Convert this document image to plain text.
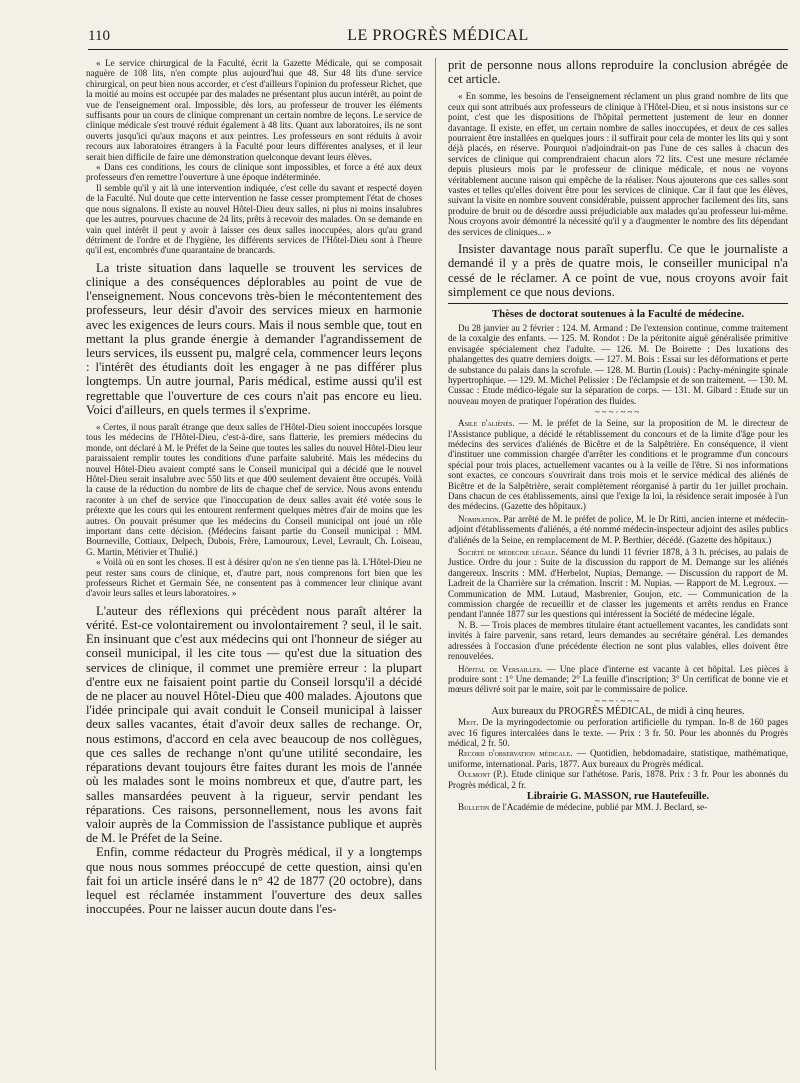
110	LE PROGRÈS MÉDICAL

« Le service chirurgical de la Faculté, écrit la Gazette Médicale, qui se composait naguère de 108 lits, n'en compte plus aujourd'hui que 48. Sur 48 lits d'une service chirurgical, on peut bien nous accorder, et c'est d'ailleurs l'opinion du professeur Richet, que la moitié au moins est occupée par des malades ne présentant plus aucun intérêt, au point de vue de l'enseignement oral. Impossible, dès lors, au professeur de trouver les éléments suffisants pour un cours de clinique comprenant un certain nombre de leçons. Le service de clinique médicale s'est trouvé réduit également à 48 lits. Quant aux laboratoires, ils ne sont ouverts jusqu'ici qu'aux maçons et aux peintres. Les professeurs en sont réduits à avoir recours aux laboratoires étrangers à la Faculté pour leurs différentes analyses, et il leur serait bien difficile de faire une démonstration quelconque devant leurs élèves.

« Dans ces conditions, les cours de clinique sont impossibles, et force a été aux deux professeurs d'en remettre l'ouverture à une époque indéterminée.

Il semble qu'il y ait là une intervention indiquée, c'est celle du savant et respecté doyen de la Faculté. Nul doute que cette intervention ne fasse cesser promptement l'état de choses que nous signalons. Il existe au nouvel Hôtel-Dieu deux salles, ni plus ni moins insalubres que les autres, pourvues chacune de 24 lits, prêts à recevoir des malades. On se demande en vain quel intérêt il peut y avoir à laisser ces deux salles inoccupées, alors qu'au grand détriment de l'ordre et de l'hygiène, les différents services de l'Hôtel-Dieu sont à l'heure qu'il est, encombrés d'une quarantaine de brancards.

La triste situation dans laquelle se trouvent les services de clinique a des conséquences déplorables au point de vue de l'enseignement. Nous concevons très-bien le mécontentement des professeurs, leur désir d'avoir des services mieux en harmonie avec les exigences de leurs cours. Mais il nous semble que, tout en mettant la plus grande énergie à demander l'agrandissement de leurs services, ils eussent pu, malgré cela, commencer leurs leçons : l'intérêt des étudiants doit les engager à ne pas différer plus longtemps. Un autre journal, Paris médical, estime aussi qu'il est regrettable que l'ouverture de ces cours n'ait pas encore eu lieu. Voici d'ailleurs, en quels termes il s'exprime.

« Certes, il nous paraît étrange que deux salles de l'Hôtel-Dieu soient inoccupées lorsque tous les médecins de l'Hôtel-Dieu, c'est-à-dire, sans flatterie, les premiers médecins du monde, ont déclaré à M. le Préfet de la Seine que toutes les salles du nouvel Hôtel-Dieu leur paraissaient remplir toutes les conditions d'une parfaite salubrité. Mais les médecins du nouvel Hôtel-Dieu avaient compté sans le Conseil municipal qui a décidé que le nouvel Hôtel-Dieu serait insalubre avec 550 lits et que 400 seulement devaient être occupés. Voilà la cause de la réduction du nombre de lits de chaque chef de service. Nous avons entendu raconter à un chef de service que l'inoccupation de deux salles avait été votée sous le prétexte que les cours qui les entourent renferment quelques mètres d'air de moins que les autres. On pouvait présumer que les médecins du Conseil municipal ont joué un rôle important dans cette décision. (Médecins faisant partie du Conseil municipal : MM. Bourneville, Cottiaux, Delpech, Dubois, Frère, Lamouroux, Level, Levrault, Ch. Loiseau, G. Martin, Métivier et Thulié.)

« Voilà où en sont les choses. Il est à désirer qu'on ne s'en tienne pas là. L'Hôtel-Dieu ne peut rester sans cours de clinique, et, d'autre part, nous comprenons fort bien que les professeurs Richet et Germain Sée, ne consentent pas à commencer leur clinique avant d'avoir leurs salles et leurs laboratoires. »

L'auteur des réflexions qui précèdent nous paraît altérer la vérité. Est-ce volontairement ou involontairement ? seul, il le sait. En insinuant que c'est aux médecins qui ont l'honneur de siéger au conseil municipal, il les cite tous — qu'est due la situation des services de clinique, il commet une première erreur : la plupart d'entre eux ne faisaient point partie du Conseil lorsqu'il a décidé de ne placer au nouvel Hôtel-Dieu que 400 malades. Ajoutons que l'idée principale qui avait conduit le Conseil municipal à laisser deux salles vacantes, était d'avoir deux salles de rechange. Or, nous estimons, d'accord en cela avec beaucoup de nos collègues, que ces salles de rechange n'ont qu'une utilité secondaire, les réparations devant toujours être faites durant les mois de l'année où les malades sont le moins nombreux et que, d'autre part, les salles mansardées peuvent à la rigueur, servir pendant les réparations. Ces raisons, personnellement, nous les avons fait valoir auprès de la Commission de l'assistance publique et auprès de M. le Préfet de la Seine.

Enfin, comme rédacteur du Progrès médical, il y a longtemps que nous nous sommes préoccupé de cette question, ainsi qu'en fait foi un article inséré dans le n° 42 de 1877 (20 octobre), dans lequel est réclamée instamment l'ouverture des deux salles inoccupées. Pour ne laisser aucun doute dans l'es-

prit de personne nous allons reproduire la conclusion abrégée de cet article.

« En somme, les besoins de l'enseignement réclament un plus grand nombre de lits que ceux qui sont attribués aux professeurs de clinique à l'Hôtel-Dieu, et si nous insistons sur ce point, c'est que les dispositions de l'hôpital permettent justement de leur en donner davantage. Il existe, en effet, un certain nombre de salles inoccupées, et deux de ces salles pourraient être installées en quelques jours : il suffirait pour cela de monter les lits qui y sont déjà placés, en réserve. Pourquoi n'adjoindrait-on pas l'une de ces salles à chacun des services de clinique qui comprendraient chacun alors 72 lits. C'est une mesure réclamée depuis plusieurs mois par le professeur de clinique médicale, et nous ne voyons véritablement aucune raison qui empêche de la réaliser. Nous ajouterons que ces salles sont vastes et telles qu'elles doivent être pour les services de clinique. Car il faut que les élèves, suivant la visite en nombre souvent considérable, puissent approcher facilement des lits, sans produire de bruit ou de désordre aussi préjudiciable aux malades qu'au professeur lui-même. Nous croyons avoir démontré la nécessité qu'il y a d'augmenter le nombre des lits dépendant des services de cliniques... »

Insister davantage nous paraît superflu. Ce que le journaliste a demandé il y a près de quatre mois, le conseiller municipal n'a cessé de le réclamer. A ce point de vue, nous croyons avoir fait simplement ce que nous devions.

Thèses de doctorat soutenues à la Faculté de médecine.

Du 28 janvier au 2 février : 124. M. Armand : De l'extension continue, comme traitement de la coxalgie des enfants. — 125. M. Rondot : De la péritonite aiguë généralisée primitive envisagée spécialement chez l'adulte. — 126. M. De Boirette : Des luxations des phalangettes des quatre derniers doigts. — 127. M. Bois : Essai sur les déformations et perte de substance du palais dans la scrofule. — 128. M. Burtin (Louis) : Pachy-méningite spinale hypertrophique. — 129. M. Michel Pelissier : De l'éclampsie et de son traitement. — 130. M. Cussac : Etude médico-légale sur la séparation de corps. — 131. M. Gibard : Etude sur un nouveau moyen de pratiquer l'opération des fluides.

~~~·~~~

Asile d'aliénés. — M. le préfet de la Seine, sur la proposition de M. le directeur de l'Assistance publique, a décidé le rétablissement du concours et de la limite d'âge pour les médecins des services d'aliénés de Bicêtre et de la Salpêtrière. En conséquence, il vient d'instituer une commission chargée d'arrêter les conditions et le programme d'un concours spécial pour trois places, actuellement vacantes ou à la veille de l'être. Si nos informations sont exactes, ce concours s'ouvrirait dans trois mois et le service médical des aliénés de Bicêtre et de la Salpêtrière, serait complètement réorganisé à partir du 1er juillet prochain. Dans chacun de ces établissements, ainsi que l'exige la loi, la résidence serait imposée à l'un des médecins. (Gazette des hôpitaux.)

Nomination. Par arrêté de M. le préfet de police, M. le Dr Ritti, ancien interne et médecin-adjoint d'établissements d'aliénés, a été nommé médecin-inspecteur adjoint des asiles publics d'aliénés de la Seine, en remplacement de M. P. Berthier, décédé. (Gazette des hôpitaux.)

Société de médecine légale. Séance du lundi 11 février 1878, à 3 h. précises, au palais de Justice. Ordre du jour : Suite de la discussion du rapport de M. Demange sur les aliénés dangereux. Inscrits : MM. d'Herbelot, Nupias, Demange. — Discussion du rapport de M. Ladreit de la Charrière sur la crémation. Inscrit : M. Nupias. — Rapport de M. Legroux. — Communication de MM. Lutaud, Masbrenier, Goujon, etc. — Communication de la commission chargée de recueillir et de classer les jugements et arrêts rendus en France pendant l'année 1877 sur les questions qui intéressent la Société de médecine légale.

N. B. — Trois places de membres titulaire étant actuellement vacantes, les candidats sont invités à faire parvenir, sans retard, leurs demandes au secrétaire général. Les demandes adressées à l'occasion d'une précédente élection ne sont plus valables, elles doivent être renouvelées.

Hôpital de Versailles. — Une place d'interne est vacante à cet hôpital. Les pièces à produire sont : 1° Une demande; 2° La feuille d'inscription; 3° Un certificat de bonne vie et mœurs délivré soit par le maire, soit par le commissaire de police.

~~~·~~~

Aux bureaux du PROGRÈS MÉDICAL, de midi à cinq heures.

Miot. De la myringodectomie ou perforation artificielle du tympan. In-8 de 160 pages avec 16 figures intercalées dans le texte. — Prix : 3 fr. 50. Pour les abonnés du Progrès médical, 2 fr. 50.

Record d'observation médicale. — Quotidien, hebdomadaire, statistique, mathématique, uniforme, international. Paris, 1877. Aux bureaux du Progrès médical.

Oulmont (P.). Etude clinique sur l'athétose. Paris, 1878. Prix : 3 fr. Pour les abonnés du Progrès médical, 2 fr.

Librairie G. MASSON, rue Hautefeuille.

Bulletin de l'Académie de médecine, publié par MM. J. Beclard, se-
